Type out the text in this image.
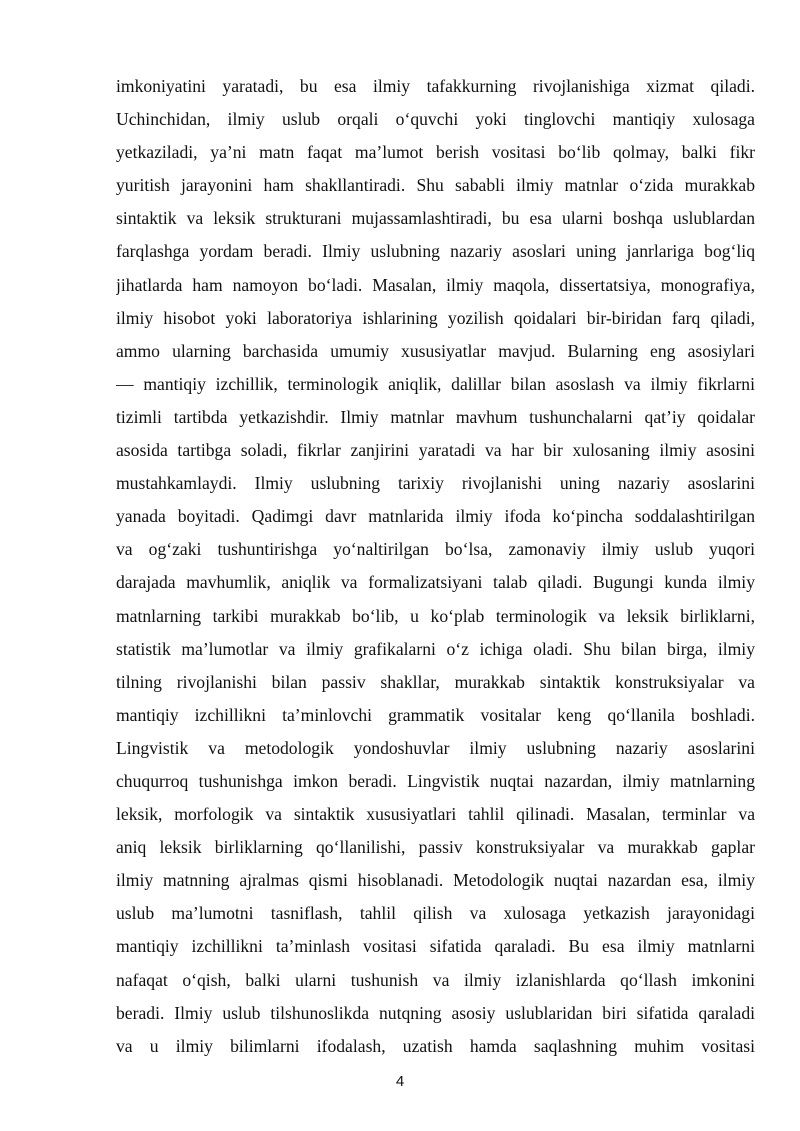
imkoniyatini yaratadi, bu esa ilmiy tafakkurning rivojlanishiga xizmat qiladi.
Uchinchidan, ilmiy uslub orqali o‘quvchi yoki tinglovchi mantiqiy xulosaga
yetkaziladi, ya’ni matn faqat ma’lumot berish vositasi bo‘lib qolmay, balki fikr
yuritish jarayonini ham shakllantiradi. Shu sababli ilmiy matnlar o‘zida murakkab
sintaktik va leksik strukturani mujassamlashtiradi, bu esa ularni boshqa uslublardan
farqlashga yordam beradi. Ilmiy uslubning nazariy asoslari uning janrlariga bog‘liq
jihatlarda ham namoyon bo‘ladi. Masalan, ilmiy maqola, dissertatsiya, monografiya,
ilmiy hisobot yoki laboratoriya ishlarining yozilish qoidalari bir-biridan farq qiladi,
ammo ularning barchasida umumiy xususiyatlar mavjud. Bularning eng asosiylari
— mantiqiy izchillik, terminologik aniqlik, dalillar bilan asoslash va ilmiy fikrlarni
tizimli tartibda yetkazishdir. Ilmiy matnlar mavhum tushunchalarni qat’iy qoidalar
asosida tartibga soladi, fikrlar zanjirini yaratadi va har bir xulosaning ilmiy asosini
mustahkamlaydi. Ilmiy uslubning tarixiy rivojlanishi uning nazariy asoslarini
yanada boyitadi. Qadimgi davr matnlarida ilmiy ifoda ko‘pincha soddalashtirilgan
va og‘zaki tushuntirishga yo‘naltirilgan bo‘lsa, zamonaviy ilmiy uslub yuqori
darajada mavhumlik, aniqlik va formalizatsiyani talab qiladi. Bugungi kunda ilmiy
matnlarning tarkibi murakkab bo‘lib, u ko‘plab terminologik va leksik birliklarni,
statistik ma’lumotlar va ilmiy grafikalarni o‘z ichiga oladi. Shu bilan birga, ilmiy
tilning rivojlanishi bilan passiv shakllar, murakkab sintaktik konstruksiyalar va
mantiqiy izchillikni ta’minlovchi grammatik vositalar keng qo‘llanila boshladi.
Lingvistik va metodologik yondoshuvlar ilmiy uslubning nazariy asoslarini
chuqurroq tushunishga imkon beradi. Lingvistik nuqtai nazardan, ilmiy matnlarning
leksik, morfologik va sintaktik xususiyatlari tahlil qilinadi. Masalan, terminlar va
aniq leksik birliklarning qo‘llanilishi, passiv konstruksiyalar va murakkab gaplar
ilmiy matnning ajralmas qismi hisoblanadi. Metodologik nuqtai nazardan esa, ilmiy
uslub ma’lumotni tasniflash, tahlil qilish va xulosaga yetkazish jarayonidagi
mantiqiy izchillikni ta’minlash vositasi sifatida qaraladi. Bu esa ilmiy matnlarni
nafaqat o‘qish, balki ularni tushunish va ilmiy izlanishlarda qo‘llash imkonini
beradi. Ilmiy uslub tilshunoslikda nutqning asosiy uslublaridan biri sifatida qaraladi
va u ilmiy bilimlarni ifodalash, uzatish hamda saqlashning muhim vositasi
4
